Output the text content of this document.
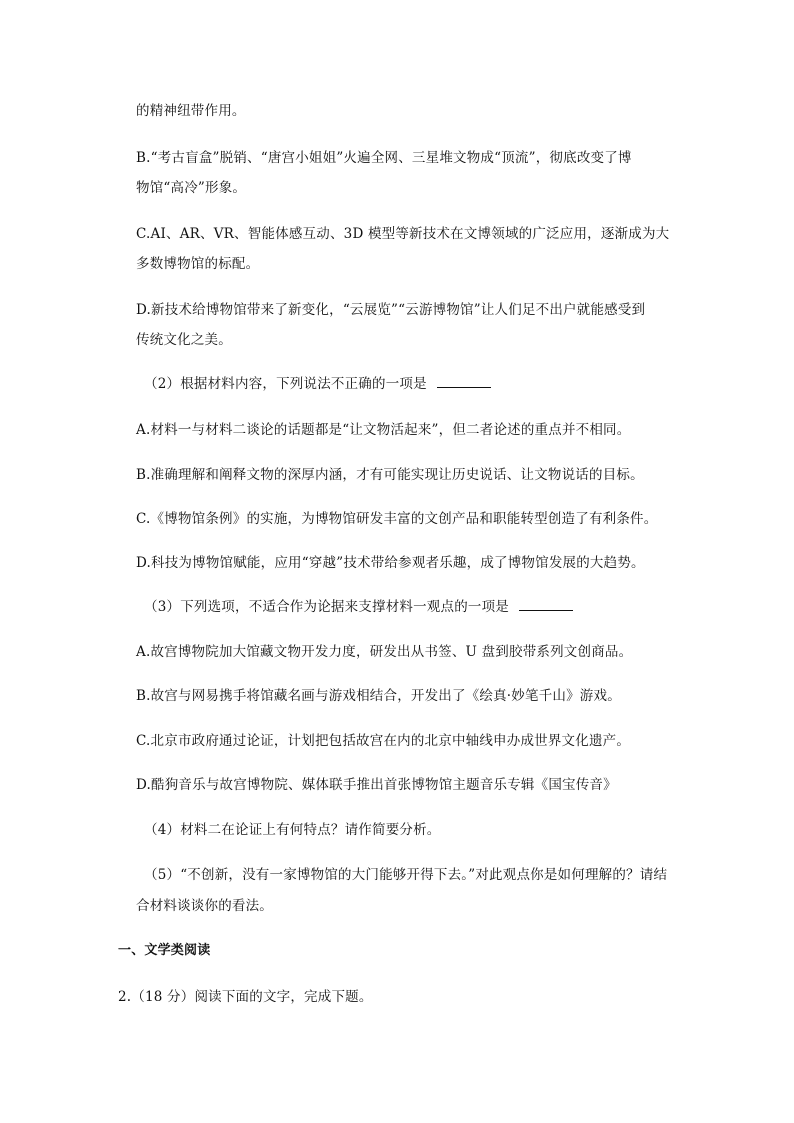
的精神纽带作用。
B.“考古盲盒”脱销、“唐宫小姐姐”火遍全网、三星堆文物成“顶流”，彻底改变了博
物馆“高冷”形象。
C.AI、AR、VR、智能体感互动、3D 模型等新技术在文博领域的广泛应用，逐渐成为大
多数博物馆的标配。
D.新技术给博物馆带来了新变化，“云展览”“云游博物馆”让人们足不出户就能感受到
传统文化之美。
（2）根据材料内容，下列说法不正确的一项是
A.材料一与材料二谈论的话题都是“让文物活起来”，但二者论述的重点并不相同。
B.准确理解和阐释文物的深厚内涵，才有可能实现让历史说话、让文物说话的目标。
C.《博物馆条例》的实施，为博物馆研发丰富的文创产品和职能转型创造了有利条件。
D.科技为博物馆赋能，应用“穿越”技术带给参观者乐趣，成了博物馆发展的大趋势。
（3）下列选项，不适合作为论据来支撑材料一观点的一项是
A.故宫博物院加大馆藏文物开发力度，研发出从书签、U 盘到胶带系列文创商品。
B.故宫与网易携手将馆藏名画与游戏相结合，开发出了《绘真·妙笔千山》游戏。
C.北京市政府通过论证，计划把包括故宫在内的北京中轴线申办成世界文化遗产。
D.酷狗音乐与故宫博物院、媒体联手推出首张博物馆主题音乐专辑《国宝传音》
（4）材料二在论证上有何特点？请作简要分析。
（5）“不创新，没有一家博物馆的大门能够开得下去。”对此观点你是如何理解的？请结
合材料谈谈你的看法。
一、文学类阅读
2.（18 分）阅读下面的文字，完成下题。
